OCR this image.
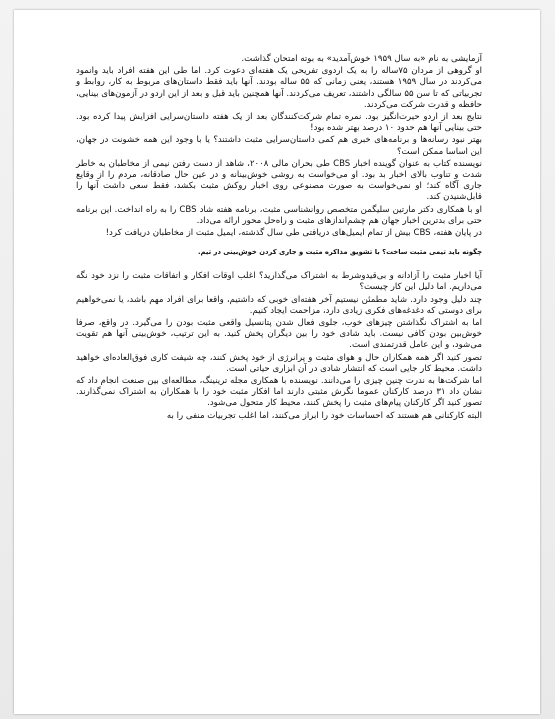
آزمایشی به نام «به سال ۱۹۵۹ خوش‌آمدید» به بوته امتحان گذاشت.

او گروهی از مردان ۷۵ساله را به یک اردوی تفریحی یک هفته‌ای دعوت کرد. اما طی این هفته افراد باید وانمود می‌کردند در سال ۱۹۵۹ هستند، یعنی زمانی که ۵۵ ساله بودند. آنها باید فقط داستان‌های مربوط به کار، روابط و تجربیاتی که تا سن ۵۵ سالگی داشتند، تعریف می‌کردند. آنها همچنین باید قبل و بعد از این اردو در آزمون‌های بینایی، حافظه و قدرت شرکت می‌کردند.

نتایج بعد از اردو حیرت‌انگیز بود. نمره تمام شرکت‌کنندگان بعد از یک هفته داستان‌سرایی افزایش پیدا کرده بود. حتی بینایی آنها هم حدود ۱۰ درصد بهتر شده بود!

بهتر نبود رسانه‌ها و برنامه‌های خبری هم کمی داستان‌سرایی مثبت داشتند؟ یا با وجود این همه خشونت در جهان، این اساسا ممکن است؟

نویسنده کتاب به عنوان گوینده اخبار CBS طی بحران مالی ۲۰۰۸، شاهد از دست رفتن نیمی از مخاطبان به خاطر شدت و تناوب بالای اخبار بد بود. او می‌خواست به روشی خوش‌بینانه و در عین حال صادقانه، مردم را از وقایع جاری آگاه کند؛ او نمی‌خواست به صورت مصنوعی روی اخبار روکش مثبت بکشد، فقط سعی داشت آنها را قابل‌شنیدن کند.

او با همکاری دکتر مارتین سلیگمن متخصص روانشناسی مثبت، برنامه هفته شاد CBS را به راه انداخت. این برنامه حتی برای بدترین اخبار جهان هم چشم‌اندازهای مثبت و راه‌حل محور ارائه می‌داد.

در پایان هفته، CBS بیش از تمام ایمیل‌های دریافتی طی سال گذشته، ایمیل مثبت از مخاطبان دریافت کرد!

چگونه باید تیمی مثبت ساخت؟ با تشویق مذاکره مثبت و جاری کردن خوش‌بینی در تیم.

آیا اخبار مثبت را آزادانه و بی‌قیدوشرط به اشتراک می‌گذارید؟ اغلب اوقات افکار و اتفاقات مثبت را نزد خود نگه می‌داریم. اما دلیل این کار چیست؟

چند دلیل وجود دارد. شاید مطمئن نیستیم آخر هفته‌ای خوبی که داشتیم، واقعا برای افراد مهم باشد، یا نمی‌خواهیم برای دوستی که دغدغه‌های فکری زیادی دارد، مزاحمت ایجاد کنیم.

اما به اشتراک نگذاشتن چیزهای خوب، جلوی فعال شدن پتانسیل واقعی مثبت بودن را می‌گیرد. در واقع، صرفا خوش‌بین بودن کافی نیست. باید شادی خود را بین دیگران پخش کنید. به این ترتیب، خوش‌بینی آنها هم تقویت می‌شود، و این عامل قدرتمندی است.

تصور کنید اگر همه همکاران حال و هوای مثبت و پرانرژی از خود پخش کنند، چه شیفت کاری فوق‌العاده‌ای خواهید داشت. محیط کار جایی است که انتشار شادی در آن ابزاری حیاتی است.

اما شرکت‌ها به ندرت چنین چیزی را می‌دانند. نویسنده با همکاری مجله ترینینگ، مطالعه‌ای بین صنعت انجام داد که نشان داد ۳۱ درصد کارکنان عموما نگرش مثبتی دارند اما افکار مثبت خود را با همکاران به اشتراک نمی‌گذارند. تصور کنید اگر کارکنان پیام‌های مثبت را پخش کنند، محیط کار متحول می‌شود.

البته کارکنانی هم هستند که احساسات خود را ابراز می‌کنند، اما اغلب تجربیات منفی را به
